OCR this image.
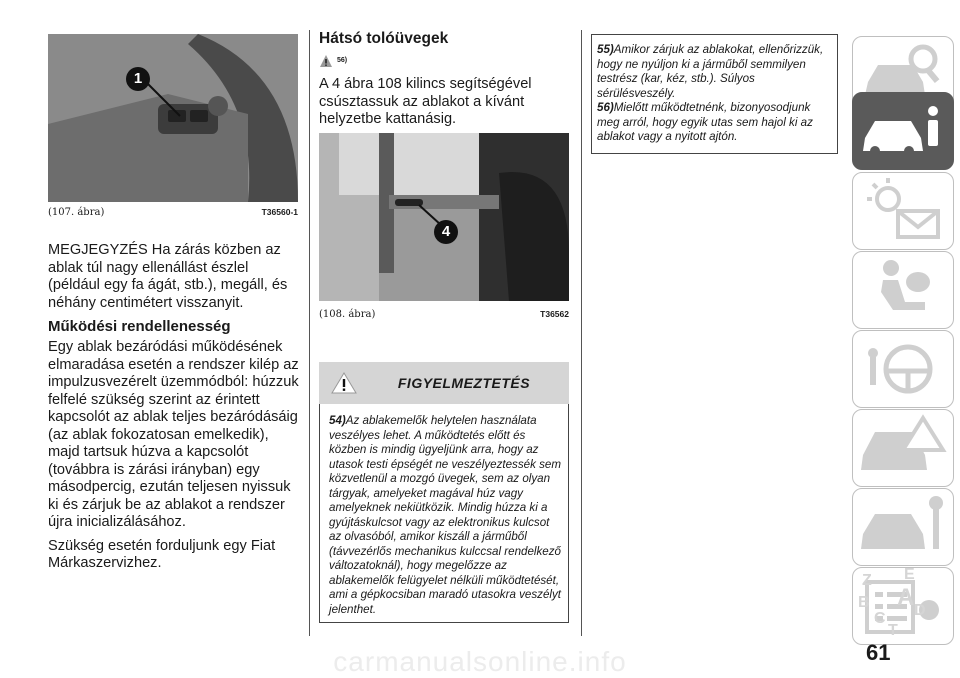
1
(107. ábra)	T36560-1

MEGJEGYZÉS Ha zárás közben az ablak túl nagy ellenállást észlel (például egy fa ágát, stb.), megáll, és néhány centimétert visszanyit.

Működési rendellenesség

Egy ablak bezáródási működésének elmaradása esetén a rendszer kilép az impulzusvezérelt üzemmódból: húzzuk felfelé szükség szerint az érintett kapcsolót az ablak teljes bezáródásáig (az ablak fokozatosan emelkedik), majd tartsuk húzva a kapcsolót (továbbra is zárási irányban) egy másodpercig, ezután teljesen nyissuk ki és zárjuk be az ablakot a rendszer újra inicializálásához.

Szükség esetén forduljunk egy Fiat Márkaszervizhez.

Hátsó tolóüvegek
56)

A 4 ábra 108 kilincs segítségével csúsztassuk az ablakot a kívánt helyzetbe kattanásig.

4
(108. ábra)	T36562
FIGYELMEZTETÉS
54)Az ablakemelők helytelen használata veszélyes lehet. A működtetés előtt és közben is mindig ügyeljünk arra, hogy az utasok testi épségét ne veszélyeztessék sem közvetlenül a mozgó üvegek, sem az olyan tárgyak, amelyeket magával húz vagy amelyeknek nekiütközik. Mindig húzza ki a gyújtáskulcsot vagy az elektronikus kulcsot az olvasóból, amikor kiszáll a járműből (távvezérlős mechanikus kulccsal rendelkező változatoknál), hogy megelőzze az ablakemelők felügyelet nélküli működtetését, ami a gépkocsiban maradó utasokra veszélyt jelenthet.
55)Amikor zárjuk az ablakokat, ellenőrizzük, hogy ne nyúljon ki a járműből semmilyen testrész (kar, kéz, stb.). Súlyos sérülésveszély.
56)Mielőtt működtetnénk, bizonyosodjunk meg arról, hogy egyik utas sem hajol ki az ablakot vagy a nyitott ajtón.
Z E
B A
C D
T
61
carmanualsonline.info
